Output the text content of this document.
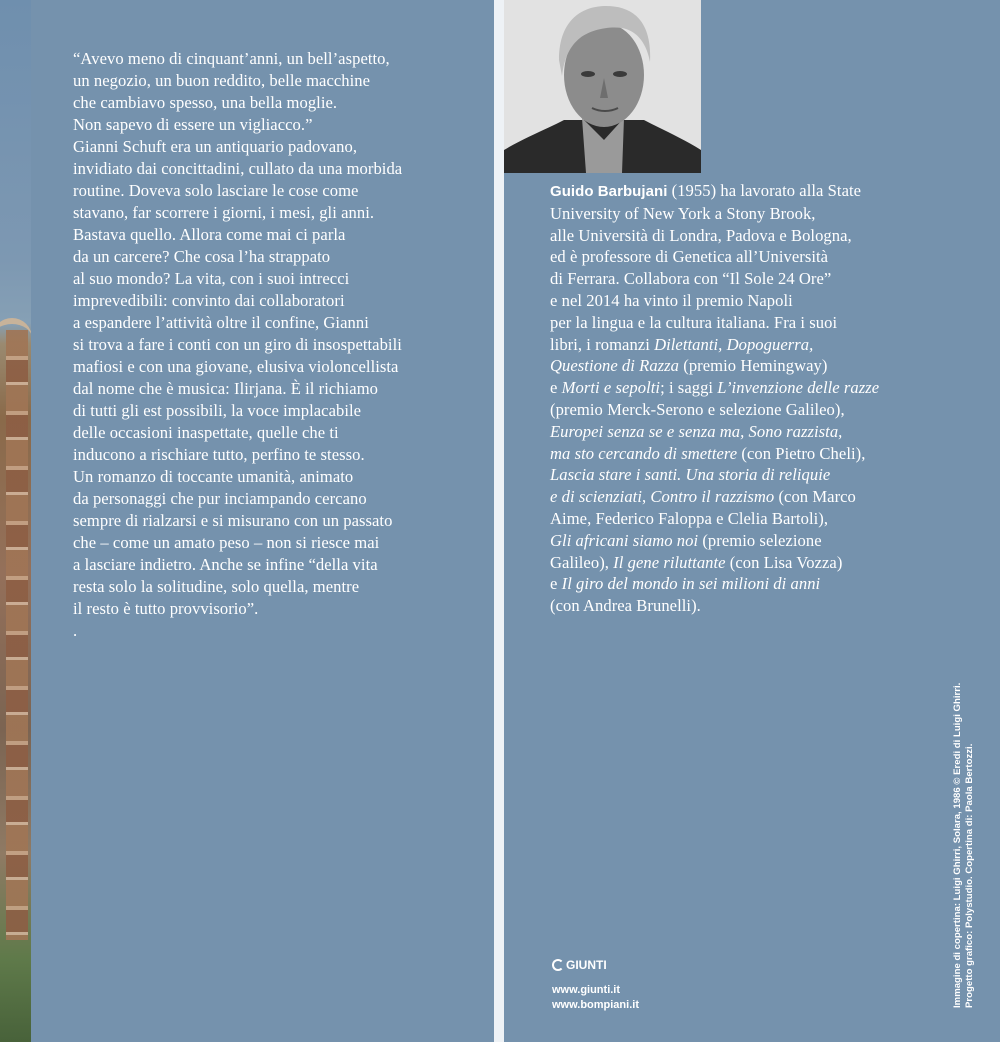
“Avevo meno di cinquant’anni, un bell’aspetto,
un negozio, un buon reddito, belle macchine
che cambiavo spesso, una bella moglie.
Non sapevo di essere un vigliacco.”
Gianni Schuft era un antiquario padovano,
invidiato dai concittadini, cullato da una morbida
routine. Doveva solo lasciare le cose come
stavano, far scorrere i giorni, i mesi, gli anni.
Bastava quello. Allora come mai ci parla
da un carcere? Che cosa l’ha strappato
al suo mondo? La vita, con i suoi intrecci
imprevedibili: convinto dai collaboratori
a espandere l’attività oltre il confine, Gianni
si trova a fare i conti con un giro di insospettabili
mafiosi e con una giovane, elusiva violoncellista
dal nome che è musica: Ilirjana. È il richiamo
di tutti gli est possibili, la voce implacabile
delle occasioni inaspettate, quelle che ti
inducono a rischiare tutto, perfino te stesso.
Un romanzo di toccante umanità, animato
da personaggi che pur inciampando cercano
sempre di rialzarsi e si misurano con un passato
che – come un amato peso – non si riesce mai
a lasciare indietro. Anche se infine “della vita
resta solo la solitudine, solo quella, mentre
il resto è tutto provvisorio”.
.
Guido Barbujani (1955) ha lavorato alla State
University of New York a Stony Brook,
alle Università di Londra, Padova e Bologna,
ed è professore di Genetica all’Università
di Ferrara. Collabora con “Il Sole 24 Ore”
e nel 2014 ha vinto il premio Napoli
per la lingua e la cultura italiana. Fra i suoi
libri, i romanzi Dilettanti, Dopoguerra,
Questione di Razza (premio Hemingway)
e Morti e sepolti; i saggi L’invenzione delle razze
(premio Merck-Serono e selezione Galileo),
Europei senza se e senza ma, Sono razzista,
ma sto cercando di smettere (con Pietro Cheli),
Lascia stare i santi. Una storia di reliquie
e di scienziati, Contro il razzismo (con Marco
Aime, Federico Faloppa e Clelia Bartoli),
Gli africani siamo noi (premio selezione
Galileo), Il gene riluttante (con Lisa Vozza)
e Il giro del mondo in sei milioni di anni
(con Andrea Brunelli).
GIUNTI
www.giunti.it
www.bompiani.it	Immagine di copertina: Luigi Ghirri, Solara, 1986 © Eredi di Luigi Ghirri. Progetto grafico: Polystudio. Copertina di: Paola Bertozzi.
